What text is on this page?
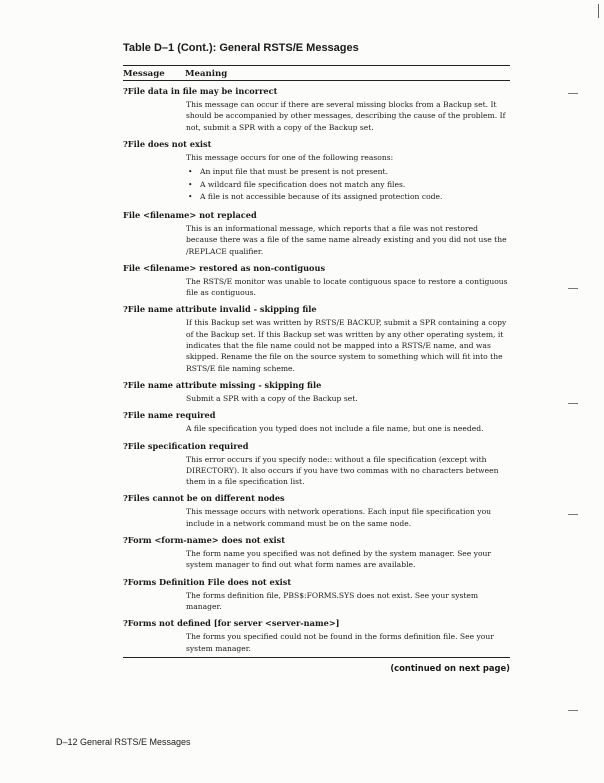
Table D–1 (Cont.): General RSTS/E Messages
Message Meaning
?File data in file may be incorrect
This message can occur if there are several missing blocks from a Backup set. It should be accompanied by other messages, describing the cause of the problem. If not, submit a SPR with a copy of the Backup set.
?File does not exist
This message occurs for one of the following reasons:
• An input file that must be present is not present.
• A wildcard file specification does not match any files.
• A file is not accessible because of its assigned protection code.
File <filename> not replaced
This is an informational message, which reports that a file was not restored because there was a file of the same name already existing and you did not use the /REPLACE qualifier.
File <filename> restored as non-contiguous
The RSTS/E monitor was unable to locate contiguous space to restore a contiguous file as contiguous.
?File name attribute invalid - skipping file
If this Backup set was written by RSTS/E BACKUP, submit a SPR containing a copy of the Backup set. If this Backup set was written by any other operating system, it indicates that the file name could not be mapped into a RSTS/E name, and was skipped. Rename the file on the source system to something which will fit into the RSTS/E file naming scheme.
?File name attribute missing - skipping file
Submit a SPR with a copy of the Backup set.
?File name required
A file specification you typed does not include a file name, but one is needed.
?File specification required
This error occurs if you specify node:: without a file specification (except with DIRECTORY). It also occurs if you have two commas with no characters between them in a file specification list.
?Files cannot be on different nodes
This message occurs with network operations. Each input file specification you include in a network command must be on the same node.
?Form <form-name> does not exist
The form name you specified was not defined by the system manager. See your system manager to find out what form names are available.
?Forms Definition File does not exist
The forms definition file, PBS$:FORMS.SYS does not exist. See your system manager.
?Forms not defined [for server <server-name>]
The forms you specified could not be found in the forms definition file. See your system manager.
(continued on next page)
D–12 General RSTS/E Messages
